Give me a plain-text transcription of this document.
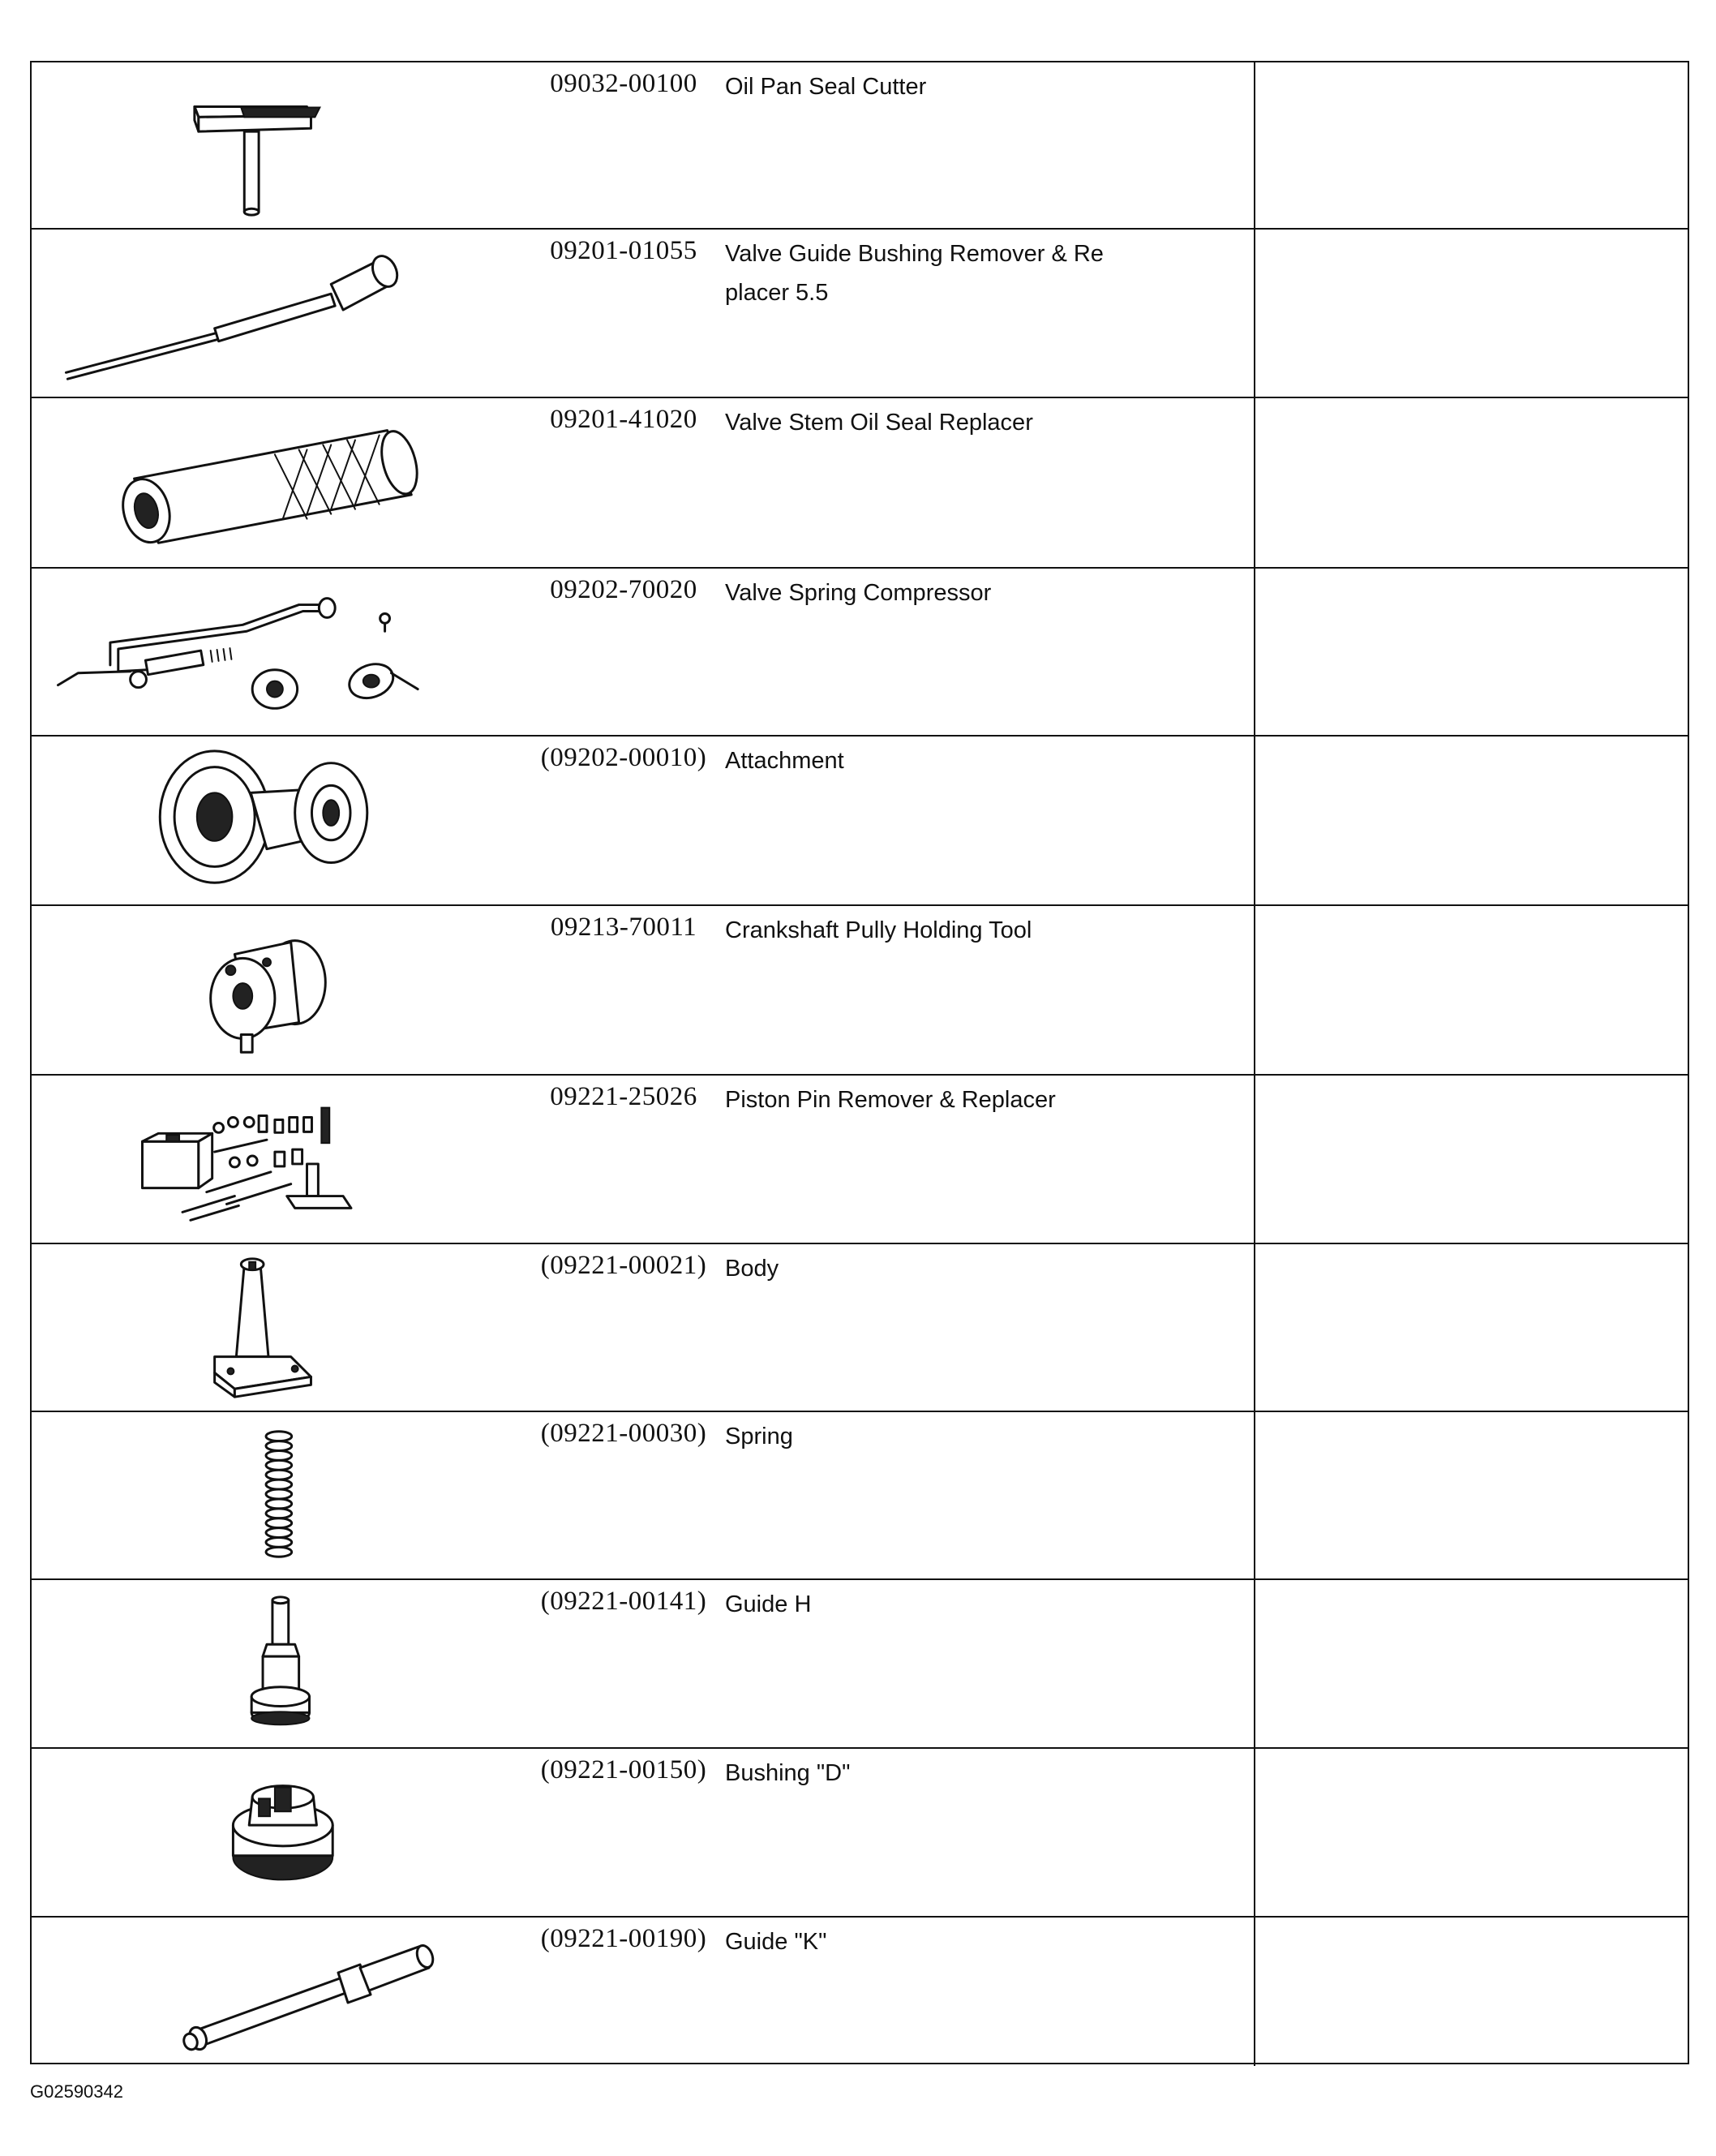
09032-00100	Oil Pan Seal Cutter
09201-01055	Valve Guide Bushing Remover & Re placer 5.5
09201-41020	Valve Stem Oil Seal Replacer
09202-70020	Valve Spring Compressor
(09202-00010) Attachment
09213-70011	Crankshaft Pully Holding Tool
09221-25026	Piston Pin Remover & Replacer
(09221-00021) Body
(09221-00030) Spring
(09221-00141) Guide H
(09221-00150) Bushing "D"
(09221-00190) Guide "K"
G02590342
